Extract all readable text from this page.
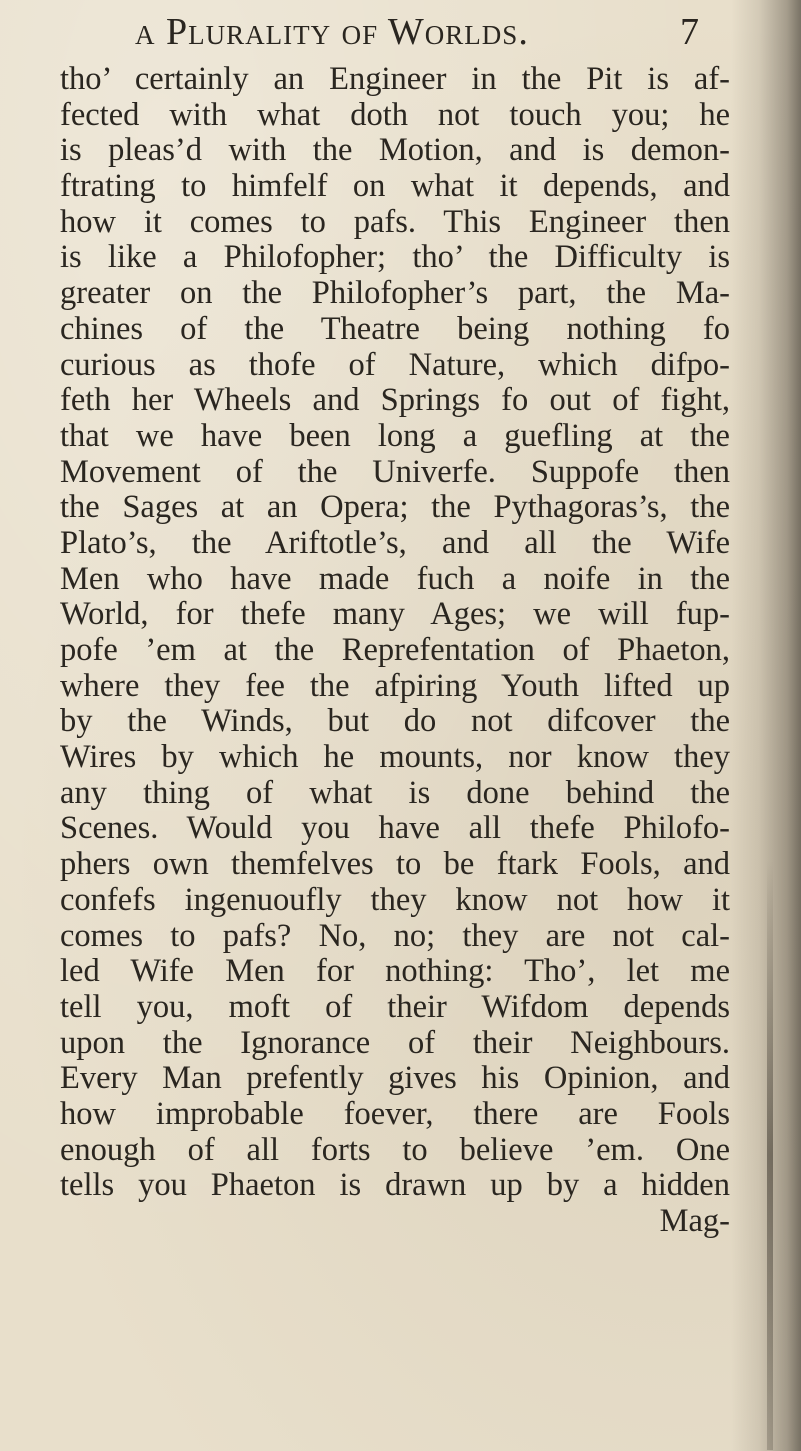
a Plurality of Worlds.	7
tho’ certainly an Engineer in the Pit is af-
fected with what doth not touch you; he
is pleas’d with the Motion, and is demon-
ftrating to himfelf on what it depends, and
how it comes to pafs. This Engineer then
is like a Philofopher; tho’ the Difficulty is
greater on the Philofopher’s part, the Ma-
chines of the Theatre being nothing fo
curious as thofe of Nature, which difpo-
feth her Wheels and Springs fo out of fight,
that we have been long a guefling at the
Movement of the Univerfe. Suppofe then
the Sages at an Opera; the Pythagoras’s, the
Plato’s, the Ariftotle’s, and all the Wife
Men who have made fuch a noife in the
World, for thefe many Ages; we will fup-
pofe ’em at the Reprefentation of Phaeton,
where they fee the afpiring Youth lifted up
by the Winds, but do not difcover the
Wires by which he mounts, nor know they
any thing of what is done behind the
Scenes. Would you have all thefe Philofo-
phers own themfelves to be ftark Fools, and
confefs ingenuoufly they know not how it
comes to pafs? No, no; they are not cal-
led Wife Men for nothing: Tho’, let me
tell you, moft of their Wifdom depends
upon the Ignorance of their Neighbours.
Every Man prefently gives his Opinion, and
how improbable foever, there are Fools
enough of all forts to believe ’em. One
tells you Phaeton is drawn up by a hidden
Mag-
